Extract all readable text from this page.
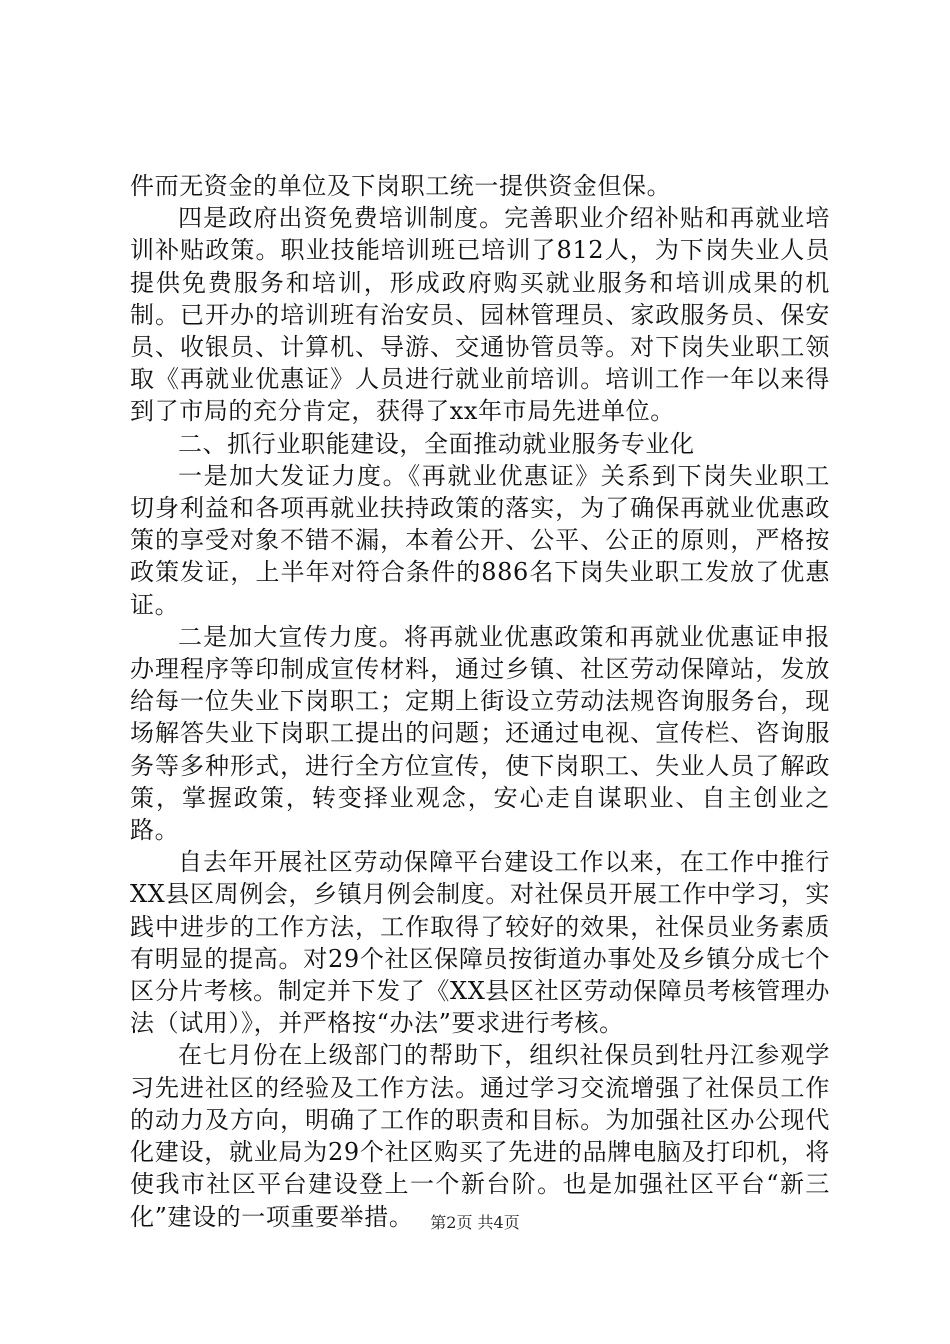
件而无资金的单位及下岗职工统一提供资金但保。

四是政府出资免费培训制度。完善职业介绍补贴和再就业培训补贴政策。职业技能培训班已培训了812人，为下岗失业人员提供免费服务和培训，形成政府购买就业服务和培训成果的机制。已开办的培训班有治安员、园林管理员、家政服务员、保安员、收银员、计算机、导游、交通协管员等。对下岗失业职工领取《再就业优惠证》人员进行就业前培训。培训工作一年以来得到了市局的充分肯定，获得了xx年市局先进单位。

二、抓行业职能建设，全面推动就业服务专业化

一是加大发证力度。《再就业优惠证》关系到下岗失业职工切身利益和各项再就业扶持政策的落实，为了确保再就业优惠政策的享受对象不错不漏，本着公开、公平、公正的原则，严格按政策发证，上半年对符合条件的886名下岗失业职工发放了优惠证。

二是加大宣传力度。将再就业优惠政策和再就业优惠证申报办理程序等印制成宣传材料，通过乡镇、社区劳动保障站，发放给每一位失业下岗职工；定期上街设立劳动法规咨询服务台，现场解答失业下岗职工提出的问题；还通过电视、宣传栏、咨询服务等多种形式，进行全方位宣传，使下岗职工、失业人员了解政策，掌握政策，转变择业观念，安心走自谋职业、自主创业之路。

自去年开展社区劳动保障平台建设工作以来，在工作中推行XX县区周例会，乡镇月例会制度。对社保员开展工作中学习，实践中进步的工作方法，工作取得了较好的效果，社保员业务素质有明显的提高。对29个社区保障员按街道办事处及乡镇分成七个区分片考核。制定并下发了《XX县区社区劳动保障员考核管理办法（试用）》，并严格按“办法”要求进行考核。

在七月份在上级部门的帮助下，组织社保员到牡丹江参观学习先进社区的经验及工作方法。通过学习交流增强了社保员工作的动力及方向，明确了工作的职责和目标。为加强社区办公现代化建设，就业局为29个社区购买了先进的品牌电脑及打印机，将使我市社区平台建设登上一个新台阶。也是加强社区平台“新三化”建设的一项重要举措。	第2页 共4页
